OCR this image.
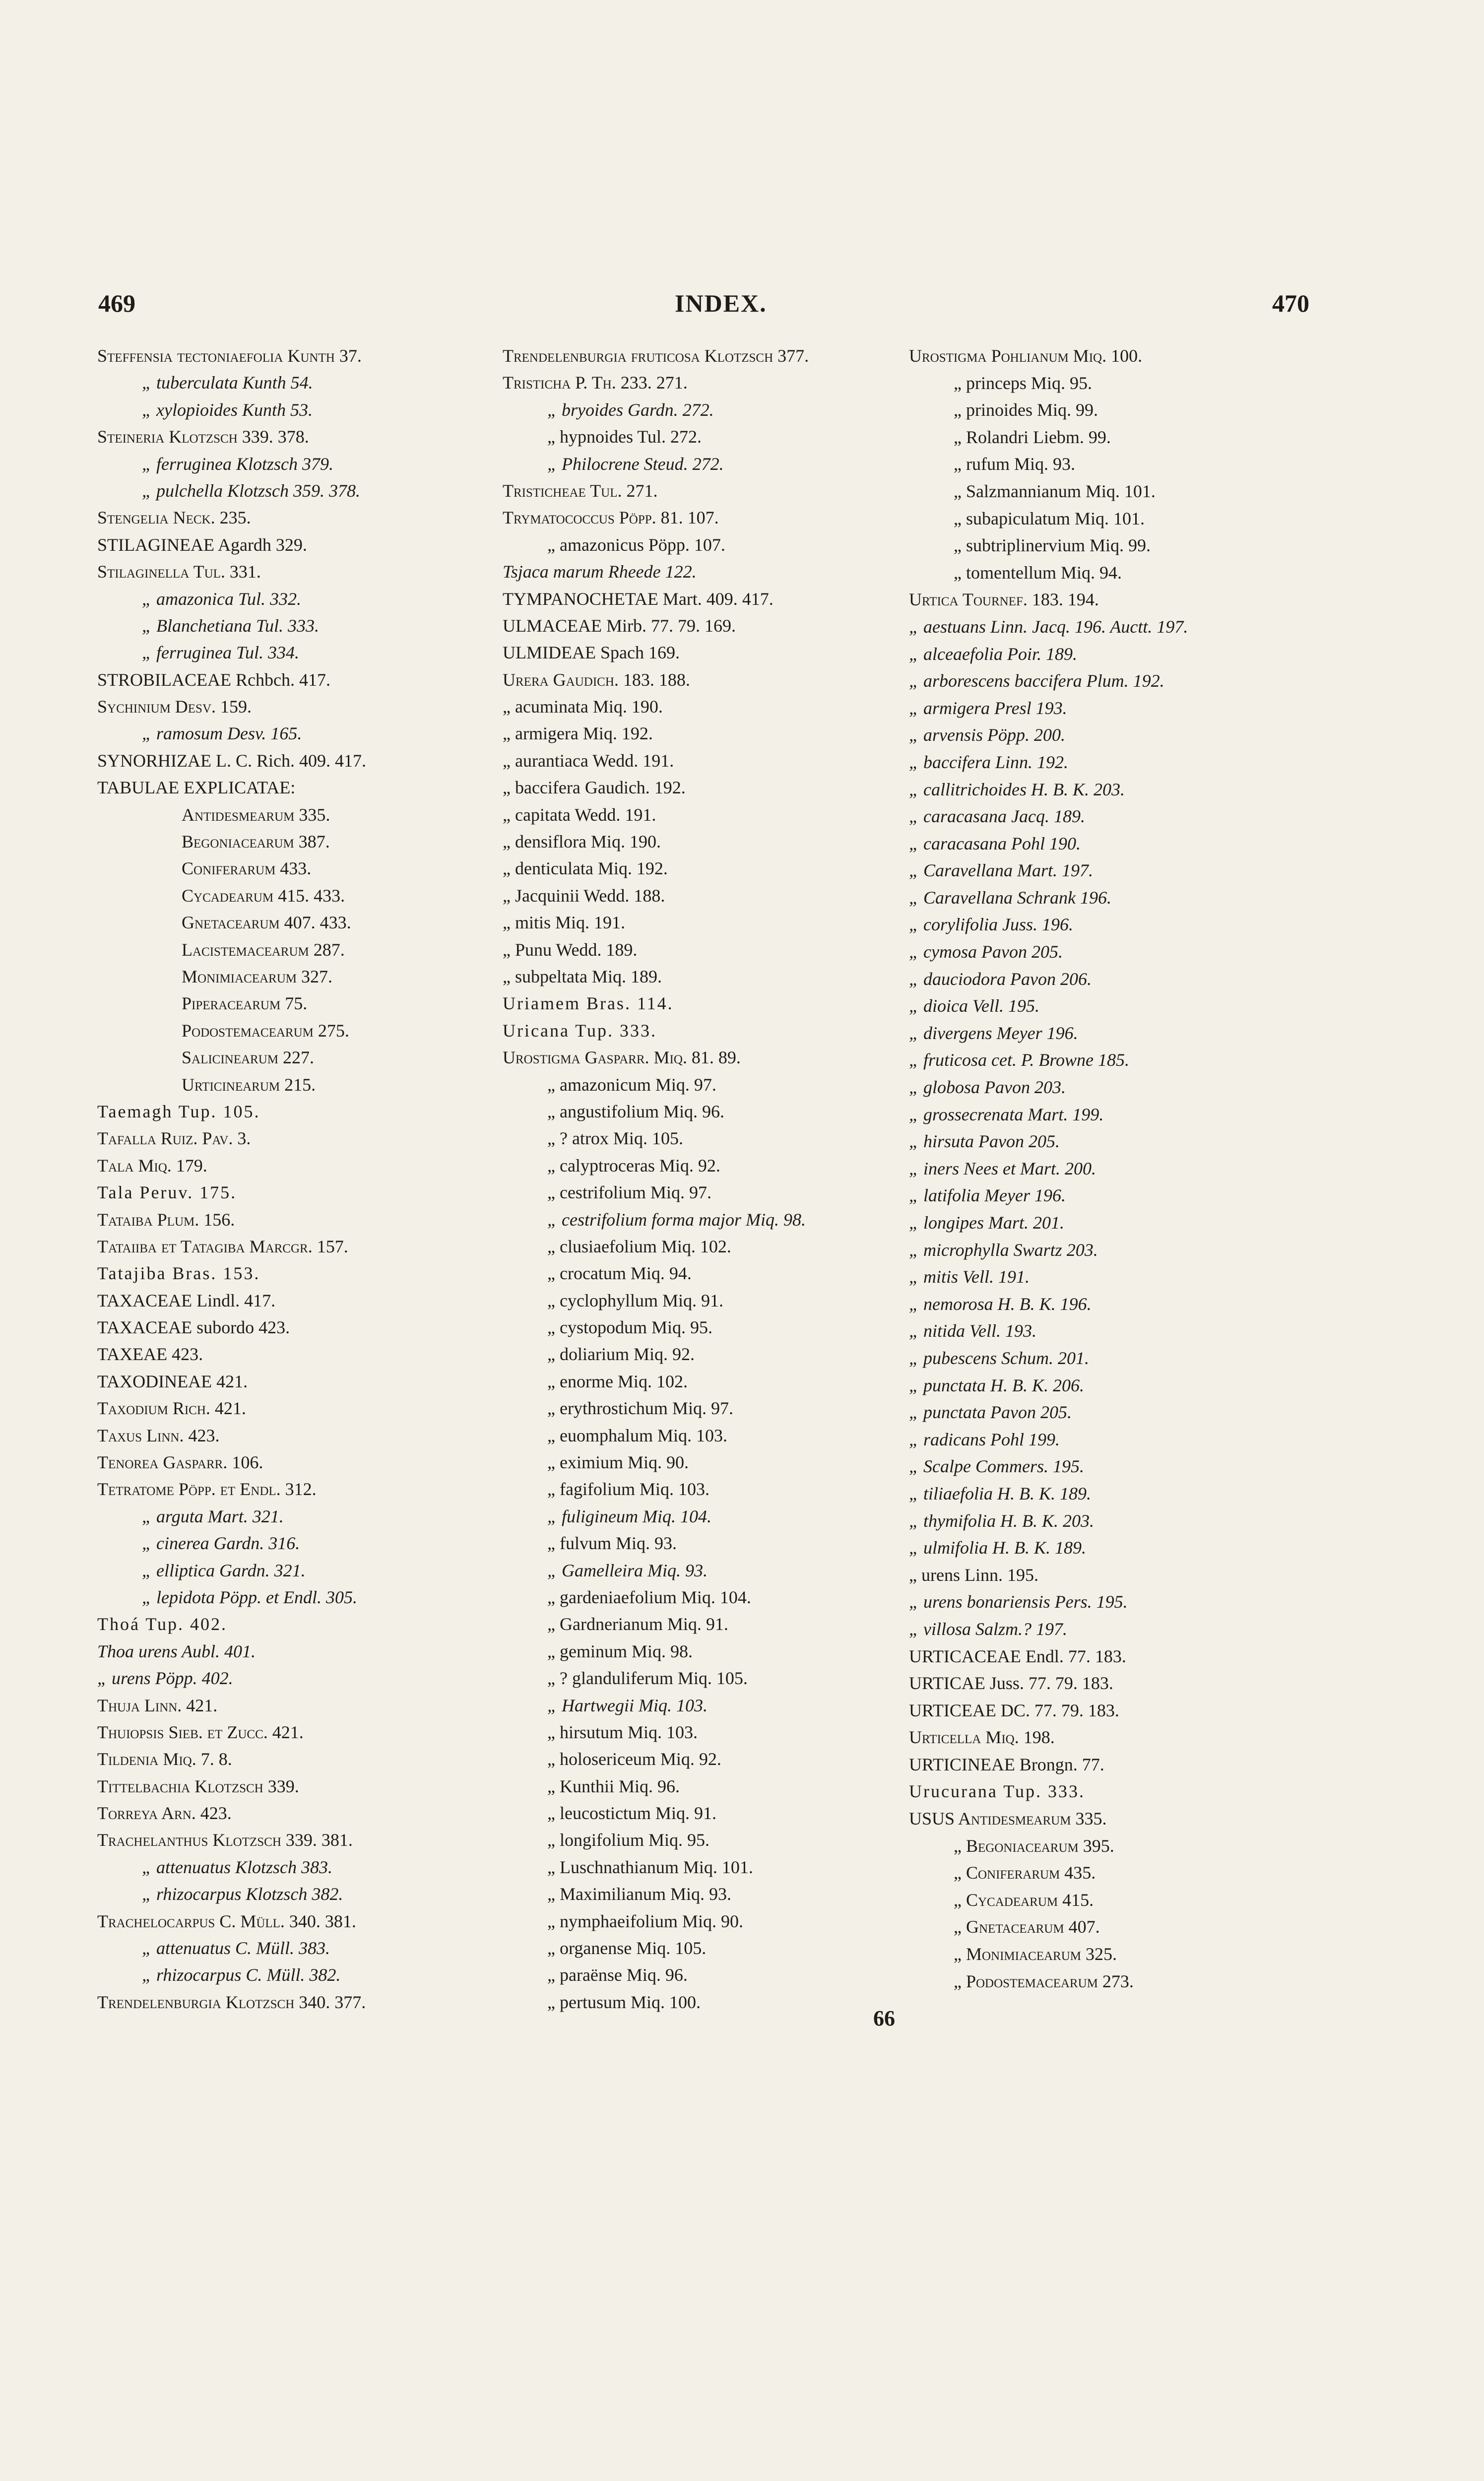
469	INDEX.	470
Steffensia tectoniaefolia Kunth 37.
„ tuberculata Kunth 54.
„ xylopioides Kunth 53.
Steineria Klotzsch 339. 378.
„ ferruginea Klotzsch 379.
„ pulchella Klotzsch 359. 378.
Stengelia Neck. 235.
STILAGINEAE Agardh 329.
Stilaginella Tul. 331.
„ amazonica Tul. 332.
„ Blanchetiana Tul. 333.
„ ferruginea Tul. 334.
STROBILACEAE Rchbch. 417.
Sychinium Desv. 159.
„ ramosum Desv. 165.
SYNORHIZAE L. C. Rich. 409. 417.
TABULAE EXPLICATAE:
Antidesmearum 335.
Begoniacearum 387.
Coniferarum 433.
Cycadearum 415. 433.
Gnetacearum 407. 433.
Lacistemacearum 287.
Monimiacearum 327.
Piperacearum 75.
Podostemacearum 275.
Salicinearum 227.
Urticinearum 215.
Taemagh Tup. 105.
Tafalla Ruiz. Pav. 3.
Tala Miq. 179.
Tala Peruv. 175.
Tataiba Plum. 156.
Tataiiba et Tatagiba Marcgr. 157.
Tatajiba Bras. 153.
TAXACEAE Lindl. 417.
TAXACEAE subordo 423.
TAXEAE 423.
TAXODINEAE 421.
Taxodium Rich. 421.
Taxus Linn. 423.
Tenorea Gasparr. 106.
Tetratome Pöpp. et Endl. 312.
„ arguta Mart. 321.
„ cinerea Gardn. 316.
„ elliptica Gardn. 321.
„ lepidota Pöpp. et Endl. 305.
Thoá Tup. 402.
Thoa urens Aubl. 401.
„ urens Pöpp. 402.
Thuja Linn. 421.
Thuiopsis Sieb. et Zucc. 421.
Tildenia Miq. 7. 8.
Tittelbachia Klotzsch 339.
Torreya Arn. 423.
Trachelanthus Klotzsch 339. 381.
„ attenuatus Klotzsch 383.
„ rhizocarpus Klotzsch 382.
Trachelocarpus C. Müll. 340. 381.
„ attenuatus C. Müll. 383.
„ rhizocarpus C. Müll. 382.
Trendelenburgia Klotzsch 340. 377.
Trendelenburgia fruticosa Klotzsch 377.
Tristicha P. Th. 233. 271.
„ bryoides Gardn. 272.
„ hypnoides Tul. 272.
„ Philocrene Steud. 272.
Tristicheae Tul. 271.
Trymatococcus Pöpp. 81. 107.
„ amazonicus Pöpp. 107.
Tsjaca marum Rheede 122.
TYMPANOCHETAE Mart. 409. 417.
ULMACEAE Mirb. 77. 79. 169.
ULMIDEAE Spach 169.
Urera Gaudich. 183. 188.
„ acuminata Miq. 190.
„ armigera Miq. 192.
„ aurantiaca Wedd. 191.
„ baccifera Gaudich. 192.
„ capitata Wedd. 191.
„ densiflora Miq. 190.
„ denticulata Miq. 192.
„ Jacquinii Wedd. 188.
„ mitis Miq. 191.
„ Punu Wedd. 189.
„ subpeltata Miq. 189.
Uriamem Bras. 114.
Uricana Tup. 333.
Urostigma Gasparr. Miq. 81. 89.
„ amazonicum Miq. 97.
„ angustifolium Miq. 96.
„ ? atrox Miq. 105.
„ calyptroceras Miq. 92.
„ cestrifolium Miq. 97.
„ cestrifolium forma major Miq. 98.
„ clusiaefolium Miq. 102.
„ crocatum Miq. 94.
„ cyclophyllum Miq. 91.
„ cystopodum Miq. 95.
„ doliarium Miq. 92.
„ enorme Miq. 102.
„ erythrostichum Miq. 97.
„ euomphalum Miq. 103.
„ eximium Miq. 90.
„ fagifolium Miq. 103.
„ fuligineum Miq. 104.
„ fulvum Miq. 93.
„ Gamelleira Miq. 93.
„ gardeniaefolium Miq. 104.
„ Gardnerianum Miq. 91.
„ geminum Miq. 98.
„ ? glanduliferum Miq. 105.
„ Hartwegii Miq. 103.
„ hirsutum Miq. 103.
„ holosericeum Miq. 92.
„ Kunthii Miq. 96.
„ leucostictum Miq. 91.
„ longifolium Miq. 95.
„ Luschnathianum Miq. 101.
„ Maximilianum Miq. 93.
„ nymphaeifolium Miq. 90.
„ organense Miq. 105.
„ paraënse Miq. 96.
„ pertusum Miq. 100.
Urostigma Pohlianum Miq. 100.
„ princeps Miq. 95.
„ prinoides Miq. 99.
„ Rolandri Liebm. 99.
„ rufum Miq. 93.
„ Salzmannianum Miq. 101.
„ subapiculatum Miq. 101.
„ subtriplinervium Miq. 99.
„ tomentellum Miq. 94.
Urtica Tournef. 183. 194.
„ aestuans Linn. Jacq. 196. Auctt. 197.
„ alceaefolia Poir. 189.
„ arborescens baccifera Plum. 192.
„ armigera Presl 193.
„ arvensis Pöpp. 200.
„ baccifera Linn. 192.
„ callitrichoides H. B. K. 203.
„ caracasana Jacq. 189.
„ caracasana Pohl 190.
„ Caravellana Mart. 197.
„ Caravellana Schrank 196.
„ corylifolia Juss. 196.
„ cymosa Pavon 205.
„ dauciodora Pavon 206.
„ dioica Vell. 195.
„ divergens Meyer 196.
„ fruticosa cet. P. Browne 185.
„ globosa Pavon 203.
„ grossecrenata Mart. 199.
„ hirsuta Pavon 205.
„ iners Nees et Mart. 200.
„ latifolia Meyer 196.
„ longipes Mart. 201.
„ microphylla Swartz 203.
„ mitis Vell. 191.
„ nemorosa H. B. K. 196.
„ nitida Vell. 193.
„ pubescens Schum. 201.
„ punctata H. B. K. 206.
„ punctata Pavon 205.
„ radicans Pohl 199.
„ Scalpe Commers. 195.
„ tiliaefolia H. B. K. 189.
„ thymifolia H. B. K. 203.
„ ulmifolia H. B. K. 189.
„ urens Linn. 195.
„ urens bonariensis Pers. 195.
„ villosa Salzm.? 197.
URTICACEAE Endl. 77. 183.
URTICAE Juss. 77. 79. 183.
URTICEAE DC. 77. 79. 183.
Urticella Miq. 198.
URTICINEAE Brongn. 77.
Urucurana Tup. 333.
USUS Antidesmearum 335.
„ Begoniacearum 395.
„ Coniferarum 435.
„ Cycadearum 415.
„ Gnetacearum 407.
„ Monimiacearum 325.
„ Podostemacearum 273.
66
